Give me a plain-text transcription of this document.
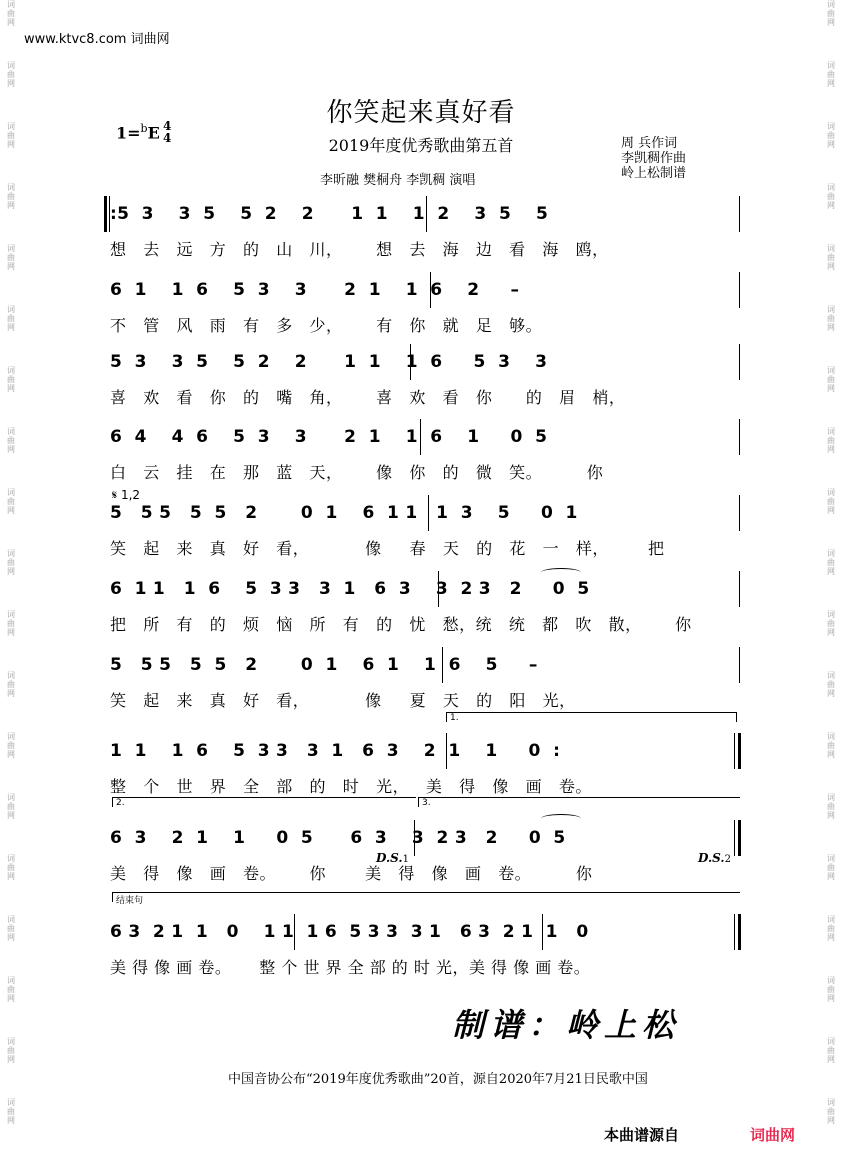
词
曲
网
词
曲
网
词
曲
网
词
曲
网
词
曲
网
词
曲
网
词
曲
网
词
曲
网
词
曲
网
词
曲
网
词
曲
网
词
曲
网
词
曲
网
词
曲
网
词
曲
网
词
曲
网
词
曲
网
词
曲
网
词
曲
网
词
曲
网
词
曲
网
词
曲
网
词
曲
网
词
曲
网
词
曲
网
词
曲
网
词
曲
网
词
曲
网
词
曲
网
词
曲
网
词
曲
网
词
曲
网
词
曲
网
词
曲
网
词
曲
网
词
曲
网
词
曲
网
词
曲
网
www.ktvc8.com 词曲网
你笑起来真好看
2019年度优秀歌曲第五首
1=$^b$E 4
4
李昕融 樊桐舟 李凯稠 演唱
周 兵作词
李凯稠作曲
岭上松制谱
:5  3    3  5    5  2    2      1  1    1  2    3  5    5
想   去   远   方   的   山   川，      想   去   海   边   看   海   鸥，
6  1    1  6    5  3    3      2  1    1  6    2     –
不   管   风   雨   有   多   少，      有   你   就   足   够。
5  3    3  5    5  2    2      1  1    1  6     5  3    3
喜   欢   看   你   的   嘴   角，      喜   欢   看   你      的   眉   梢，
6  4    4  6    5  3    3      2  1    1  6    1     0  5
白   云   挂   在   那   蓝   天，      像   你   的   微   笑。        你
𝄋 1,2
5   5 5   5  5   2       0  1    6  1 1   1  3    5     0  1
笑   起   来   真   好   看，          像     春   天   的   花   一   样，       把
6  1 1   1  6    5  3 3   3  1   6  3    3  2 3   2     0  5
把   所   有   的   烦   恼   所   有   的   忧   愁，统   统   都   吹   散，      你
5   5 5   5  5   2       0  1    6  1    1  6    5     –
笑   起   来   真   好   看，          像     夏   天   的   阳   光，
1.
1  1    1  6    5  3 3   3  1   6  3    2  1    1     0  :
整   个   世   界   全   部   的   时   光，   美   得   像   画   卷。
2.	3.
6  3    2  1    1     0  5      6  3    3  2 3   2     0  5
美   得   像   画   卷。      你       美   得   像   画   卷。        你
D.S.1	D.S.2
结束句
6 3  2 1  1   0    1 1  1 6  5 3 3  3 1   6 3  2 1  1   0
美 得 像 画 卷。     整 个 世 界 全 部 的 时 光，美 得 像 画 卷。
制谱：岭上松
中国音协公布“2019年度优秀歌曲”20首，源自2020年7月21日民歌中国
本曲谱源自	词曲网
